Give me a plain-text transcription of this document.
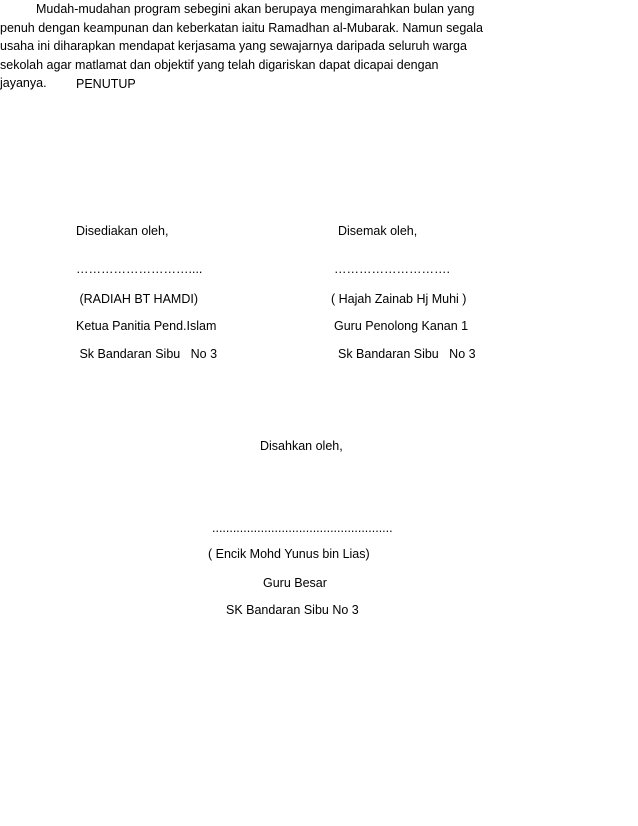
PENUTUP
Mudah-mudahan program sebegini akan berupaya mengimarahkan bulan yang
penuh dengan keampunan dan keberkatan iaitu Ramadhan al-Mubarak. Namun segala
usaha ini diharapkan mendapat kerjasama yang sewajarnya daripada seluruh warga
sekolah agar matlamat dan objektif yang telah digariskan dapat dicapai dengan
jayanya.
Disediakan oleh,
………………………....
(RADIAH BT HAMDI)
Ketua Panitia Pend.Islam
Sk Bandaran Sibu   No 3
Disemak oleh,
……………………….
( Hajah Zainab Hj Muhi )
Guru Penolong Kanan 1
Sk Bandaran Sibu   No 3
Disahkan oleh,
....................................................
( Encik Mohd Yunus bin Lias)
Guru Besar
SK Bandaran Sibu No 3
